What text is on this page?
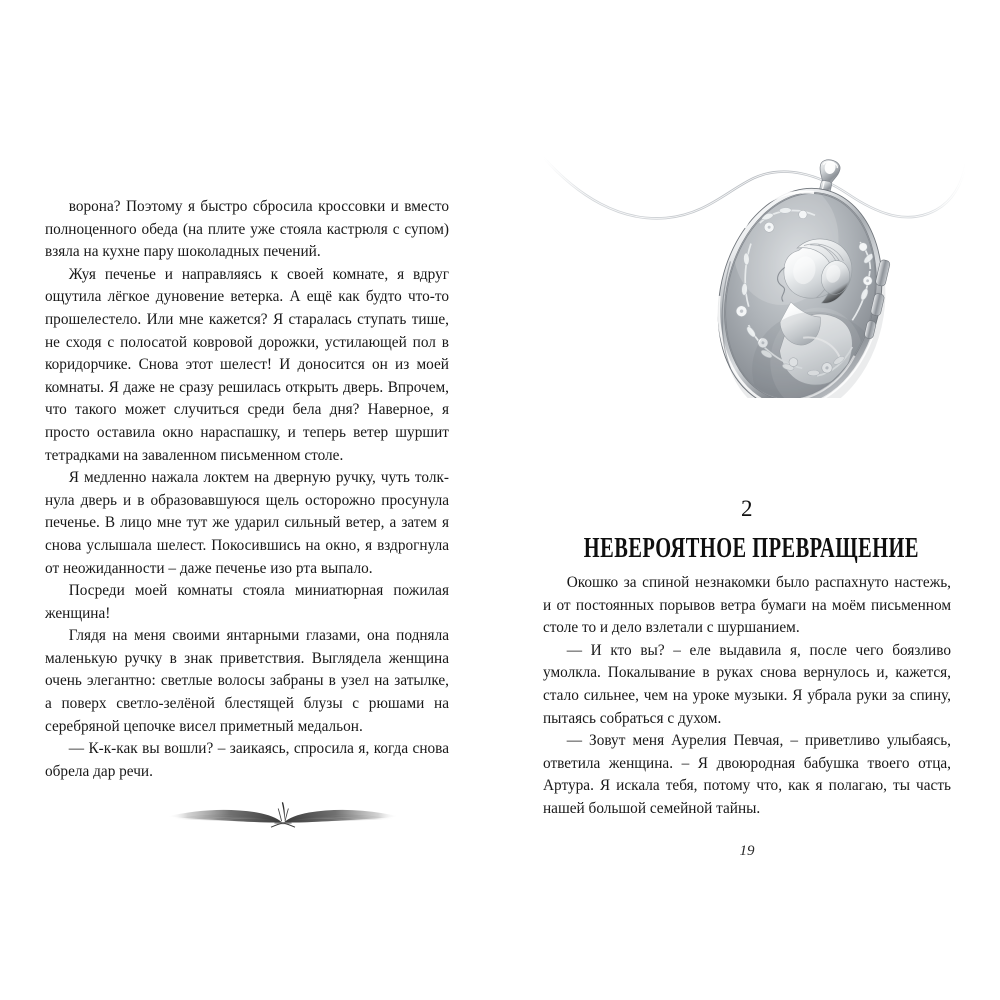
ворона? Поэтому я быстро сбросила кроссовки и вместо полноценного обеда (на плите уже стояла кастрюля с супом) взяла на кухне пару шоколадных печений.

Жуя печенье и направляясь к своей комнате, я вдруг ощутила лёгкое дуновение ветерка. А ещё как будто что-то прошелестело. Или мне кажется? Я старалась ступать тише, не сходя с полосатой ковровой дорожки, устилающей пол в коридорчике. Снова этот шелест! И доносится он из моей комнаты. Я даже не сразу решилась открыть дверь. Впрочем, что такого может случиться среди бела дня? Наверное, я просто оставила окно нараспашку, и теперь ветер шуршит тетрадками на заваленном письменном столе.

Я медленно нажала локтем на дверную ручку, чуть толкнула дверь и в образовавшуюся щель осторожно просунула печенье. В лицо мне тут же ударил сильный ветер, а затем я снова услышала шелест. Покосившись на окно, я вздрогнула от неожиданности – даже печенье изо рта выпало.

Посреди моей комнаты стояла миниатюрная пожилая женщина!

Глядя на меня своими янтарными глазами, она подняла маленькую ручку в знак приветствия. Выглядела женщина очень элегантно: светлые волосы забраны в узел на затылке, а поверх светло-зелёной блестящей блузы с рюшами на серебряной цепочке висел приметный медальон.

— К-к-как вы вошли? – заикаясь, спросила я, когда снова обрела дар речи.

2
НЕВЕРОЯТНОЕ ПРЕВРАЩЕНИЕ

Окошко за спиной незнакомки было распахнуто настежь, и от постоянных порывов ветра бумаги на моём письменном столе то и дело взлетали с шуршанием.

— И кто вы? – еле выдавила я, после чего боязливо умолкла. Покалывание в руках снова вернулось и, кажется, стало сильнее, чем на уроке музыки. Я убрала руки за спину, пытаясь собраться с духом.

— Зовут меня Аурелия Певчая, – приветливо улыбаясь, ответила женщина. – Я двоюродная бабушка твоего отца, Артура. Я искала тебя, потому что, как я полагаю, ты часть нашей большой семейной тайны.

19
